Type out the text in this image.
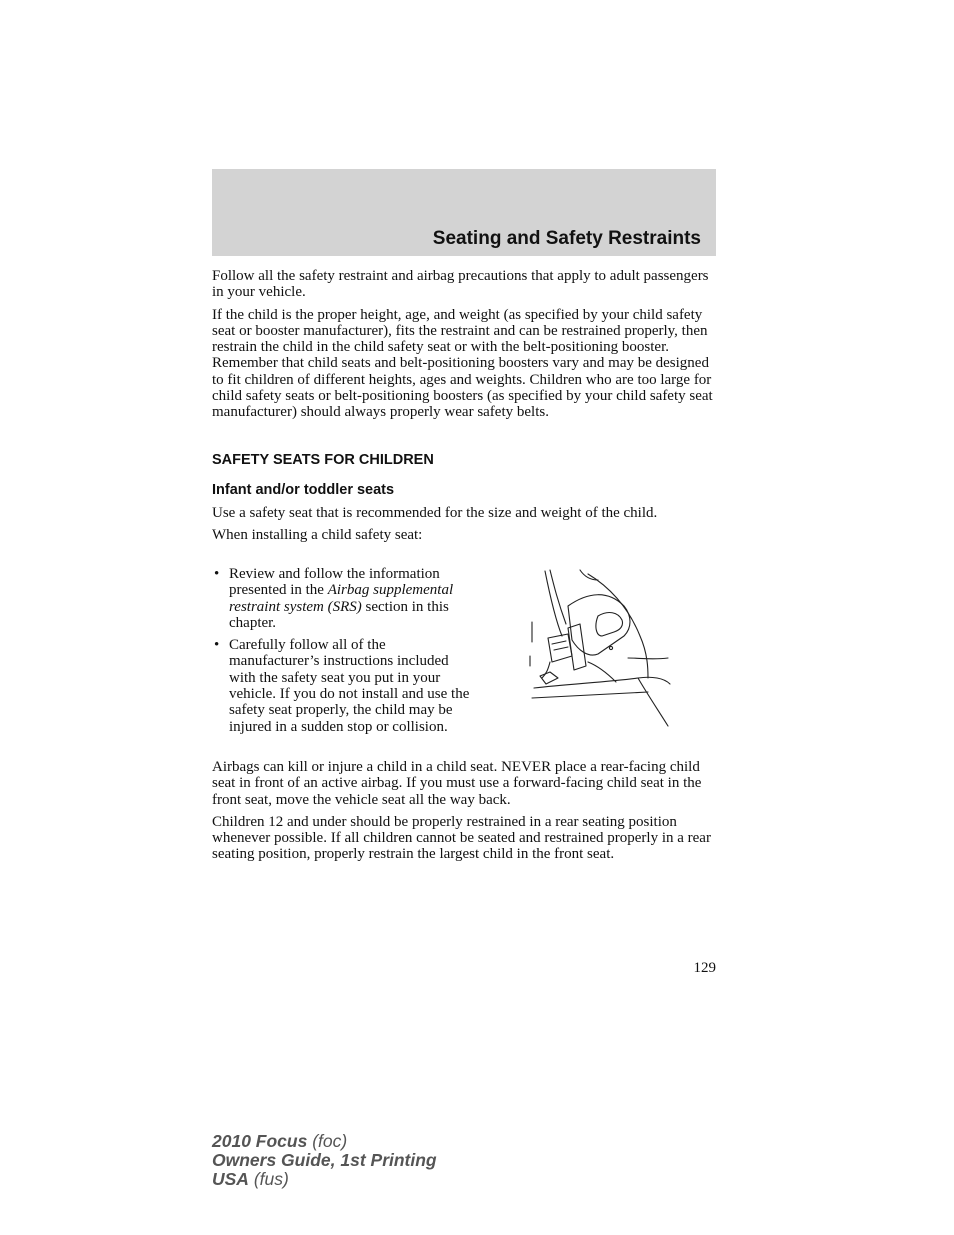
Seating and Safety Restraints

Follow all the safety restraint and airbag precautions that apply to adult passengers in your vehicle.

If the child is the proper height, age, and weight (as specified by your child safety seat or booster manufacturer), fits the restraint and can be restrained properly, then restrain the child in the child safety seat or with the belt-positioning booster. Remember that child seats and belt-positioning boosters vary and may be designed to fit children of different heights, ages and weights. Children who are too large for child safety seats or belt-positioning boosters (as specified by your child safety seat manufacturer) should always properly wear safety belts.

SAFETY SEATS FOR CHILDREN
Infant and/or toddler seats

Use a safety seat that is recommended for the size and weight of the child.

When installing a child safety seat:

• Review and follow the information presented in the Airbag supplemental restraint system (SRS) section in this chapter.
• Carefully follow all of the manufacturer’s instructions included with the safety seat you put in your vehicle. If you do not install and use the safety seat properly, the child may be injured in a sudden stop or collision.

Airbags can kill or injure a child in a child seat. NEVER place a rear-facing child seat in front of an active airbag. If you must use a forward-facing child seat in the front seat, move the vehicle seat all the way back.

Children 12 and under should be properly restrained in a rear seating position whenever possible. If all children cannot be seated and restrained properly in a rear seating position, properly restrain the largest child in the front seat.

129
2010 Focus (foc)
Owners Guide, 1st Printing
USA (fus)
